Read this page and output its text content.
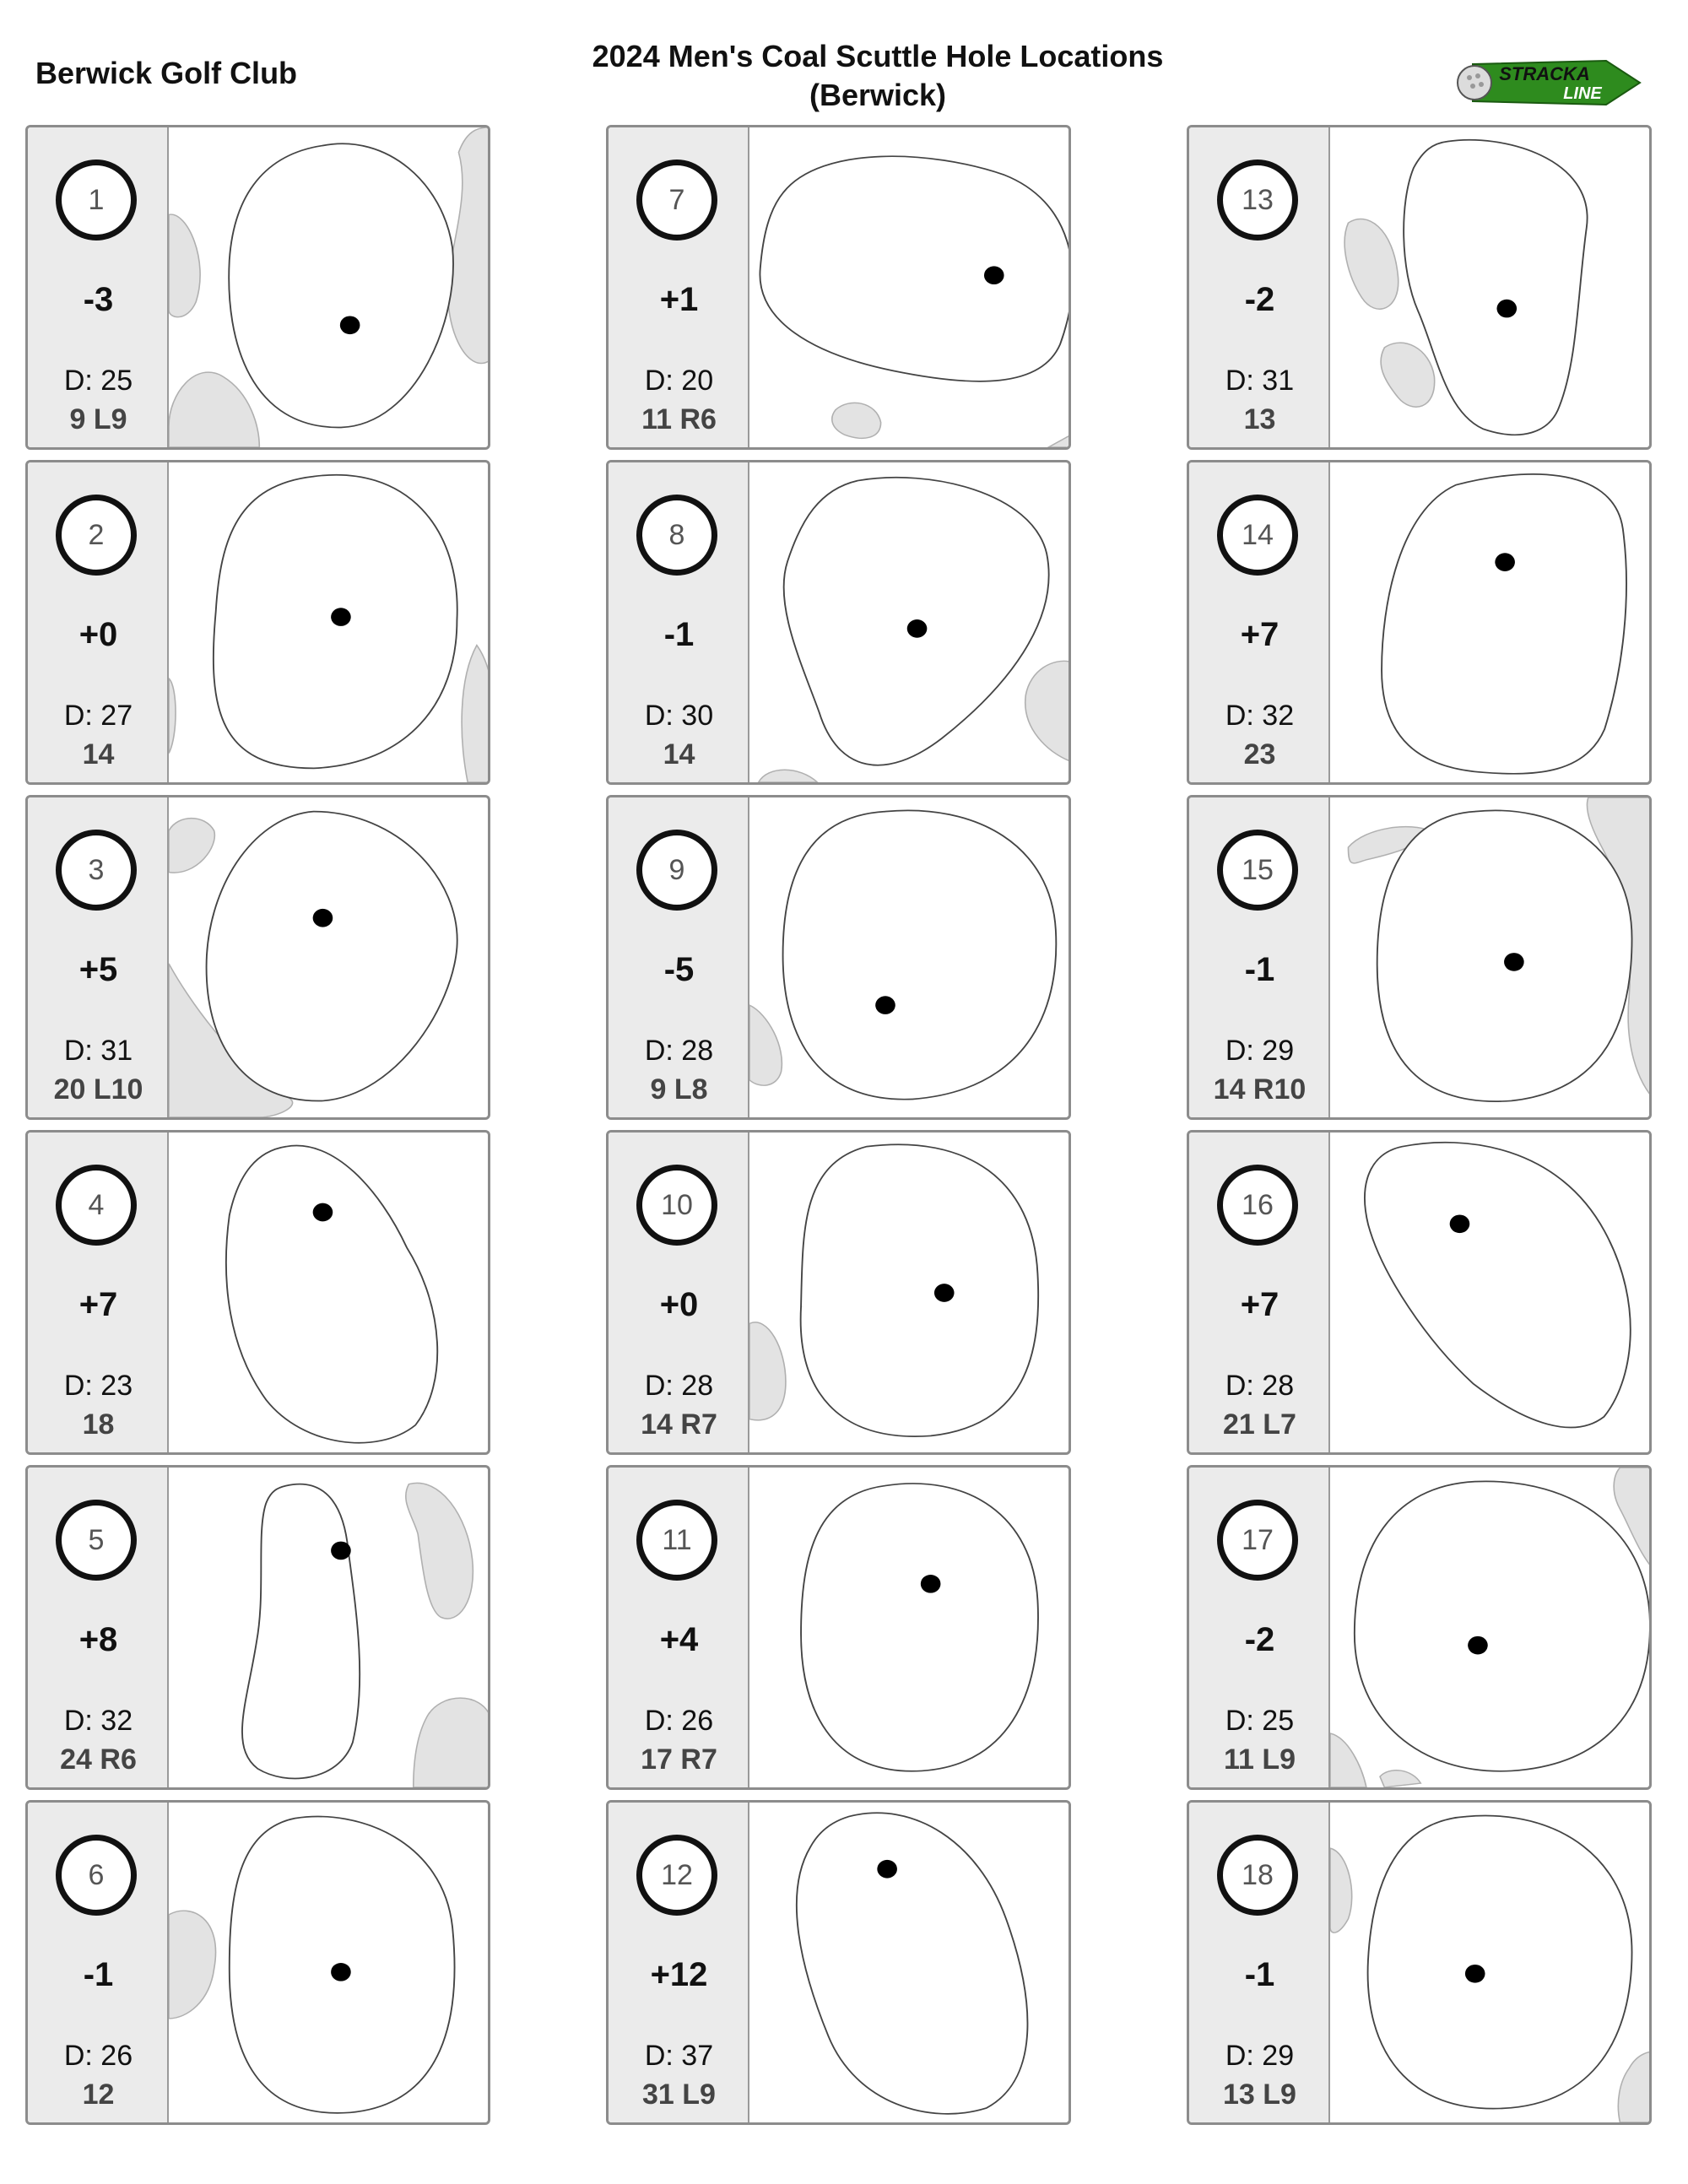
Berwick Golf Club	2024 Men's Coal Scuttle Hole Locations
(Berwick)
STRACKA
LINE
1
-3
D: 25
9 L9
2
+0
D: 27
14
3
+5
D: 31
20 L10
4
+7
D: 23
18
5
+8
D: 32
24 R6
6
-1
D: 26
12
7
+1
D: 20
11 R6
8
-1
D: 30
14
9
-5
D: 28
9 L8
10
+0
D: 28
14 R7
11
+4
D: 26
17 R7
12
+12
D: 37
31 L9
13
-2
D: 31
13
14
+7
D: 32
23
15
-1
D: 29
14 R10
16
+7
D: 28
21 L7
17
-2
D: 25
11 L9
18
-1
D: 29
13 L9
